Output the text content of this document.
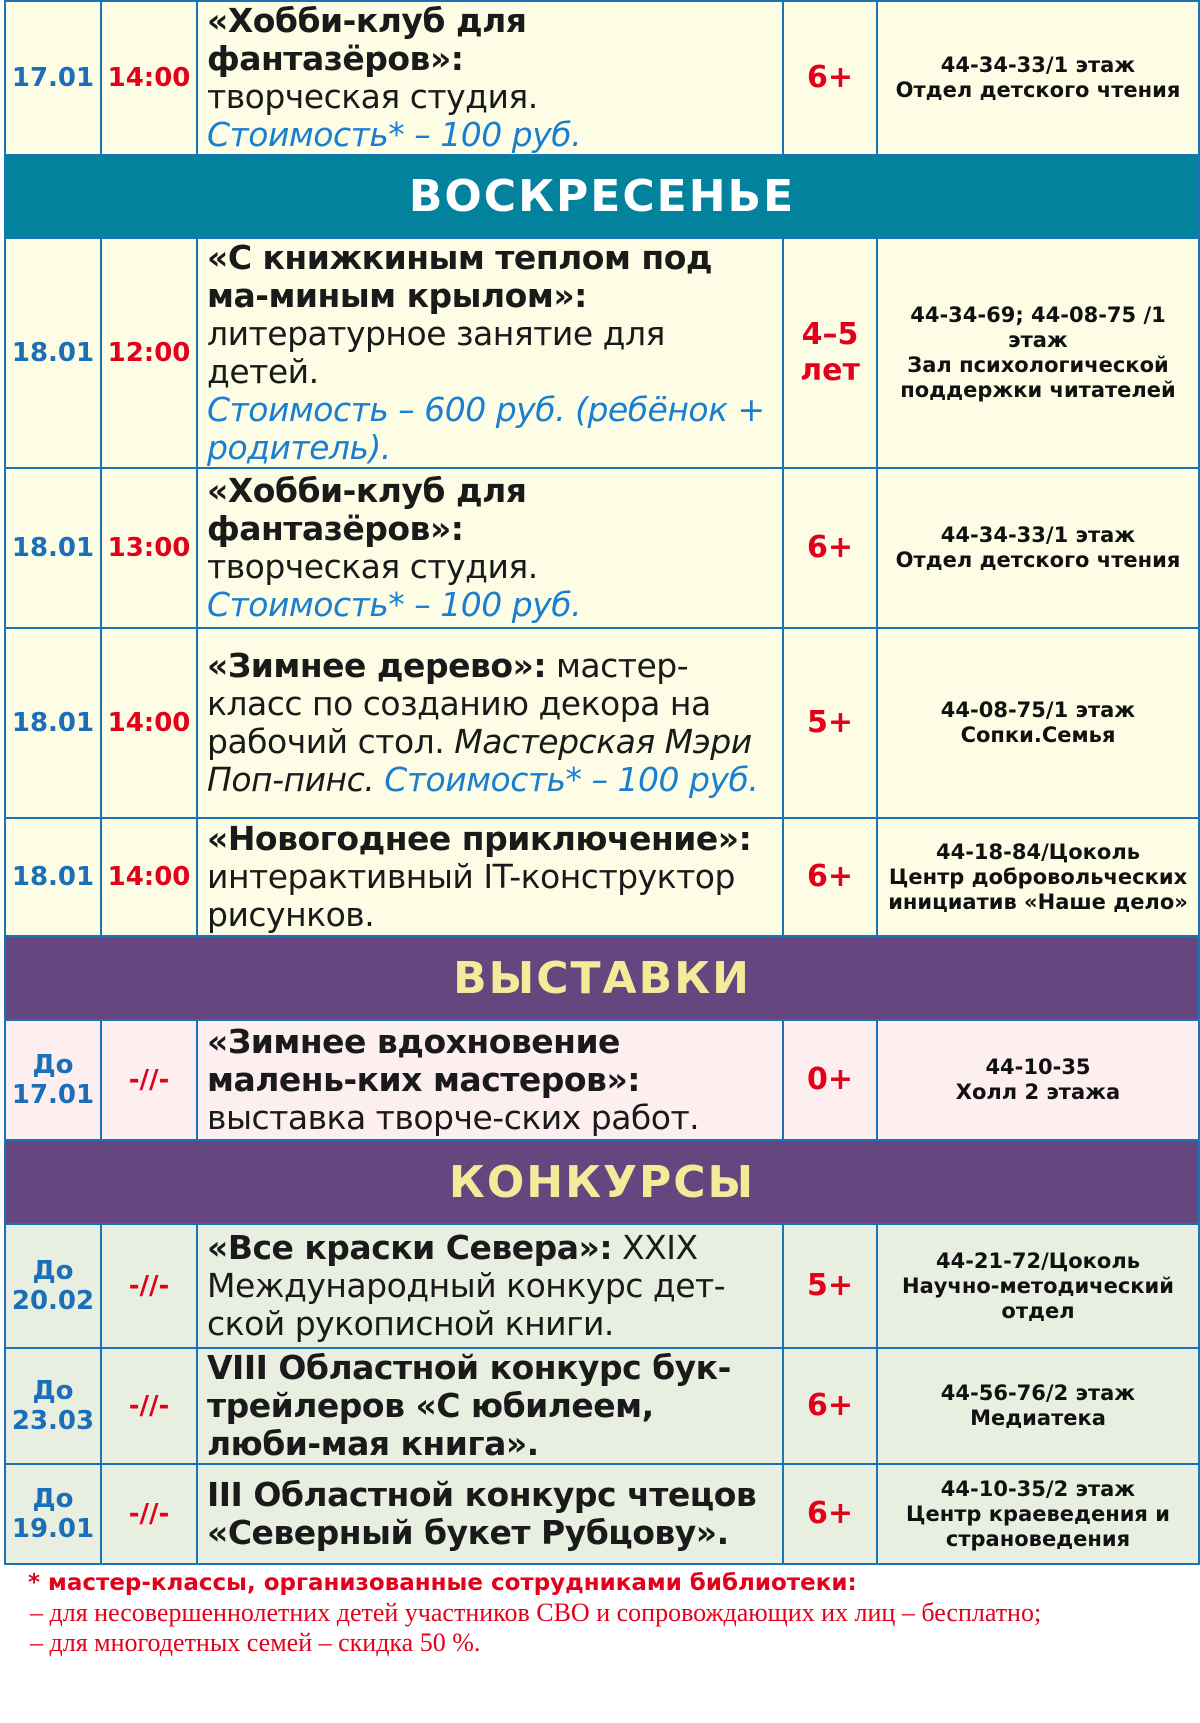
17.01	14:00	«Хобби-клуб для фантазёров»:
творческая студия.
Стоимость* – 100 руб.	6+	44-34-33/1 этаж
Отдел детского чтения

ВОСКРЕСЕНЬЕ				
18.01	12:00	«С книжкиным теплом под ма-миным крылом»: литературное занятие для детей.
Стоимость – 600 руб. (ребёнок + родитель).	4–5 лет	44-34-69; 44-08-75 /1 этаж
Зал психологической поддержки читателей

18.01	13:00	«Хобби-клуб для фантазёров»:
творческая студия.
Стоимость* – 100 руб.	6+	44-34-33/1 этаж
Отдел детского чтения

18.01	14:00	«Зимнее дерево»: мастер-класс по созданию декора на рабочий стол. Мастерская Мэри Поп-пинс. Стоимость* – 100 руб.	5+	44-08-75/1 этаж
Сопки.Семья

18.01	14:00	«Новогоднее приключение»:
интерактивный IT-конструктор рисунков.	6+	44-18-84/Цоколь
Центр добровольческих инициатив «Наше дело»

ВЫСТАВКИ				
До 17.01	-//-	«Зимнее вдохновение малень-ких мастеров»: выставка творче-ских работ.	0+	44-10-35
Холл 2 этажа

КОНКУРСЫ				
До 20.02	-//-	«Все краски Севера»: XXIX Международный конкурс дет-ской рукописной книги.	5+	44-21-72/Цоколь
Научно-методический отдел

До 23.03	-//-	VIII Областной конкурс бук-трейлеров «С юбилеем, люби-мая книга».	6+	44-56-76/2 этаж
Медиатека

До 19.01	-//-	III Областной конкурс чтецов «Северный букет Рубцову».	6+	44-10-35/2 этаж
Центр краеведения и страноведения
* мастер-классы, организованные сотрудниками библиотеки:
– для несовершеннолетних детей участников СВО и сопровождающих их лиц – бесплатно;
– для многодетных семей – скидка 50 %.
